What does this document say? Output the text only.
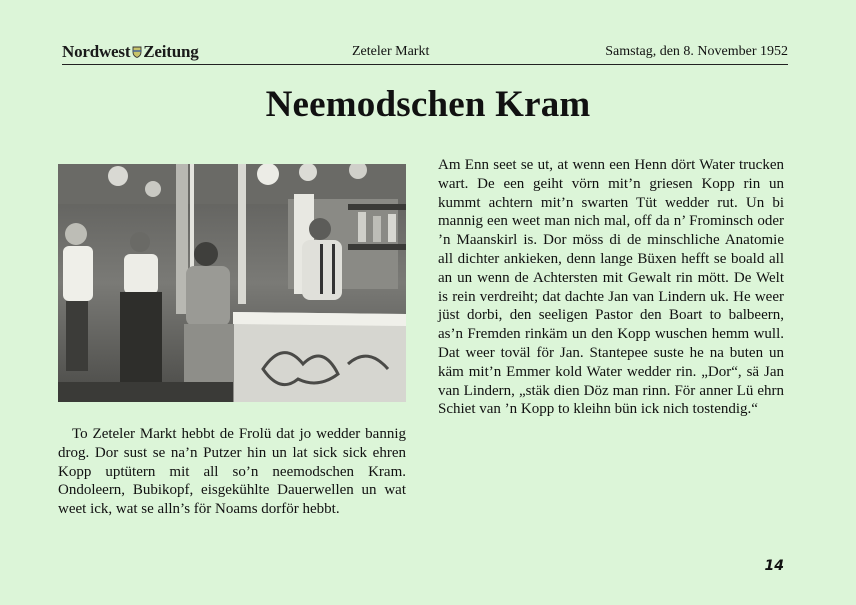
Nordwest Zeitung	Zeteler Markt	Samstag, den 8. November 1952
Neemodschen Kram

To Zeteler Markt hebbt de Frolü dat jo wedder bannig drog. Dor sust se na’n Putzer hin un lat sick sick ehren Kopp uptütern mit all so’n neemodschen Kram. Ondoleern, Bubikopf, eisgekühlte Dauerwellen un wat weet ick, wat se alln’s för Noams dorför hebbt.

Am Enn seet se ut, at wenn een Henn dört Water trucken wart. De een geiht vörn mit’n griesen Kopp rin un kummt achtern mit’n swarten Tüt wedder rut. Un bi mannig een weet man nich mal, off da n’ Frominsch oder ’n Maanskirl is. Dor möss di de minschliche Anatomie all dichter ankieken, denn lange Büxen hefft se boald all an un wenn de Achtersten mit Gewalt rin mött. De Welt is rein verdreiht; dat dachte Jan van Lindern uk. He weer jüst dorbi, den seeligen Pastor den Boart to balbeern, as’n Fremden rinkäm un den Kopp wuschen hemm wull. Dat weer toväl för Jan. Stantepee suste he na buten un käm mit’n Emmer kold Water wedder rin. „Dor“, sä Jan van Lindern, „stäk dien Döz man rinn. För anner Lü ehrn Schiet van ’n Kopp to kleihn bün ick nich tostendig.“

14
